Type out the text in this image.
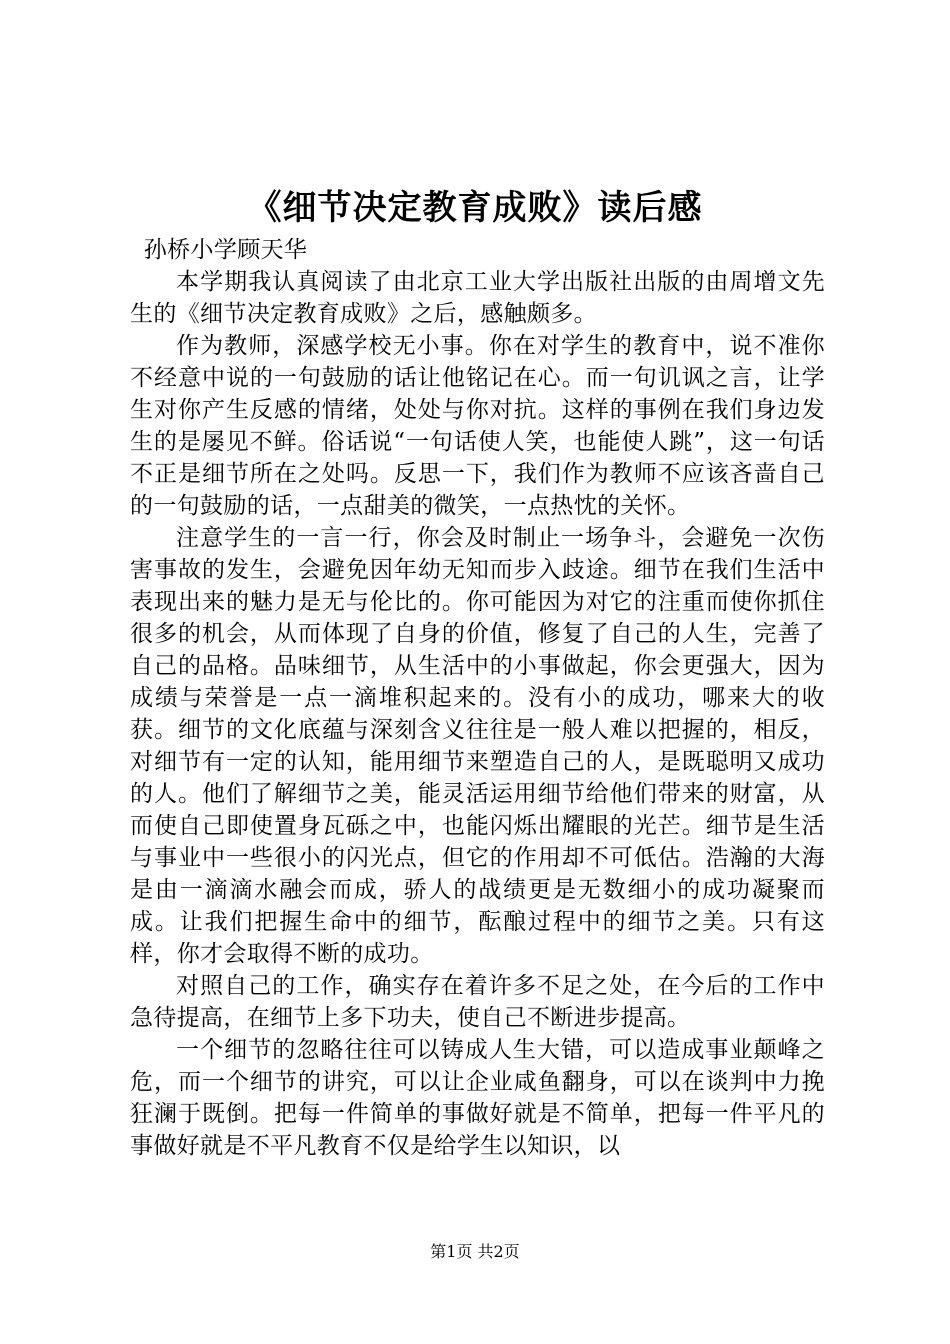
《细节决定教育成败》读后感

孙桥小学顾天华

本学期我认真阅读了由北京工业大学出版社出版的由周增文先生的《细节决定教育成败》之后，感触颇多。

作为教师，深感学校无小事。你在对学生的教育中，说不准你不经意中说的一句鼓励的话让他铭记在心。而一句讥讽之言，让学生对你产生反感的情绪，处处与你对抗。这样的事例在我们身边发生的是屡见不鲜。俗话说“一句话使人笑，也能使人跳”，这一句话不正是细节所在之处吗。反思一下，我们作为教师不应该吝啬自己的一句鼓励的话，一点甜美的微笑，一点热忱的关怀。

注意学生的一言一行，你会及时制止一场争斗，会避免一次伤害事故的发生，会避免因年幼无知而步入歧途。细节在我们生活中表现出来的魅力是无与伦比的。你可能因为对它的注重而使你抓住很多的机会，从而体现了自身的价值，修复了自己的人生，完善了自己的品格。品味细节，从生活中的小事做起，你会更强大，因为成绩与荣誉是一点一滴堆积起来的。没有小的成功，哪来大的收获。细节的文化底蕴与深刻含义往往是一般人难以把握的，相反，对细节有一定的认知，能用细节来塑造自己的人，是既聪明又成功的人。他们了解细节之美，能灵活运用细节给他们带来的财富，从而使自己即使置身瓦砾之中，也能闪烁出耀眼的光芒。细节是生活与事业中一些很小的闪光点，但它的作用却不可低估。浩瀚的大海是由一滴滴水融会而成，骄人的战绩更是无数细小的成功凝聚而成。让我们把握生命中的细节，酝酿过程中的细节之美。只有这样，你才会取得不断的成功。

对照自己的工作，确实存在着许多不足之处，在今后的工作中急待提高，在细节上多下功夫，使自己不断进步提高。

一个细节的忽略往往可以铸成人生大错，可以造成事业颠峰之危，而一个细节的讲究，可以让企业咸鱼翻身，可以在谈判中力挽狂澜于既倒。把每一件简单的事做好就是不简单，把每一件平凡的事做好就是不平凡教育不仅是给学生以知识，以

第1页 共2页
